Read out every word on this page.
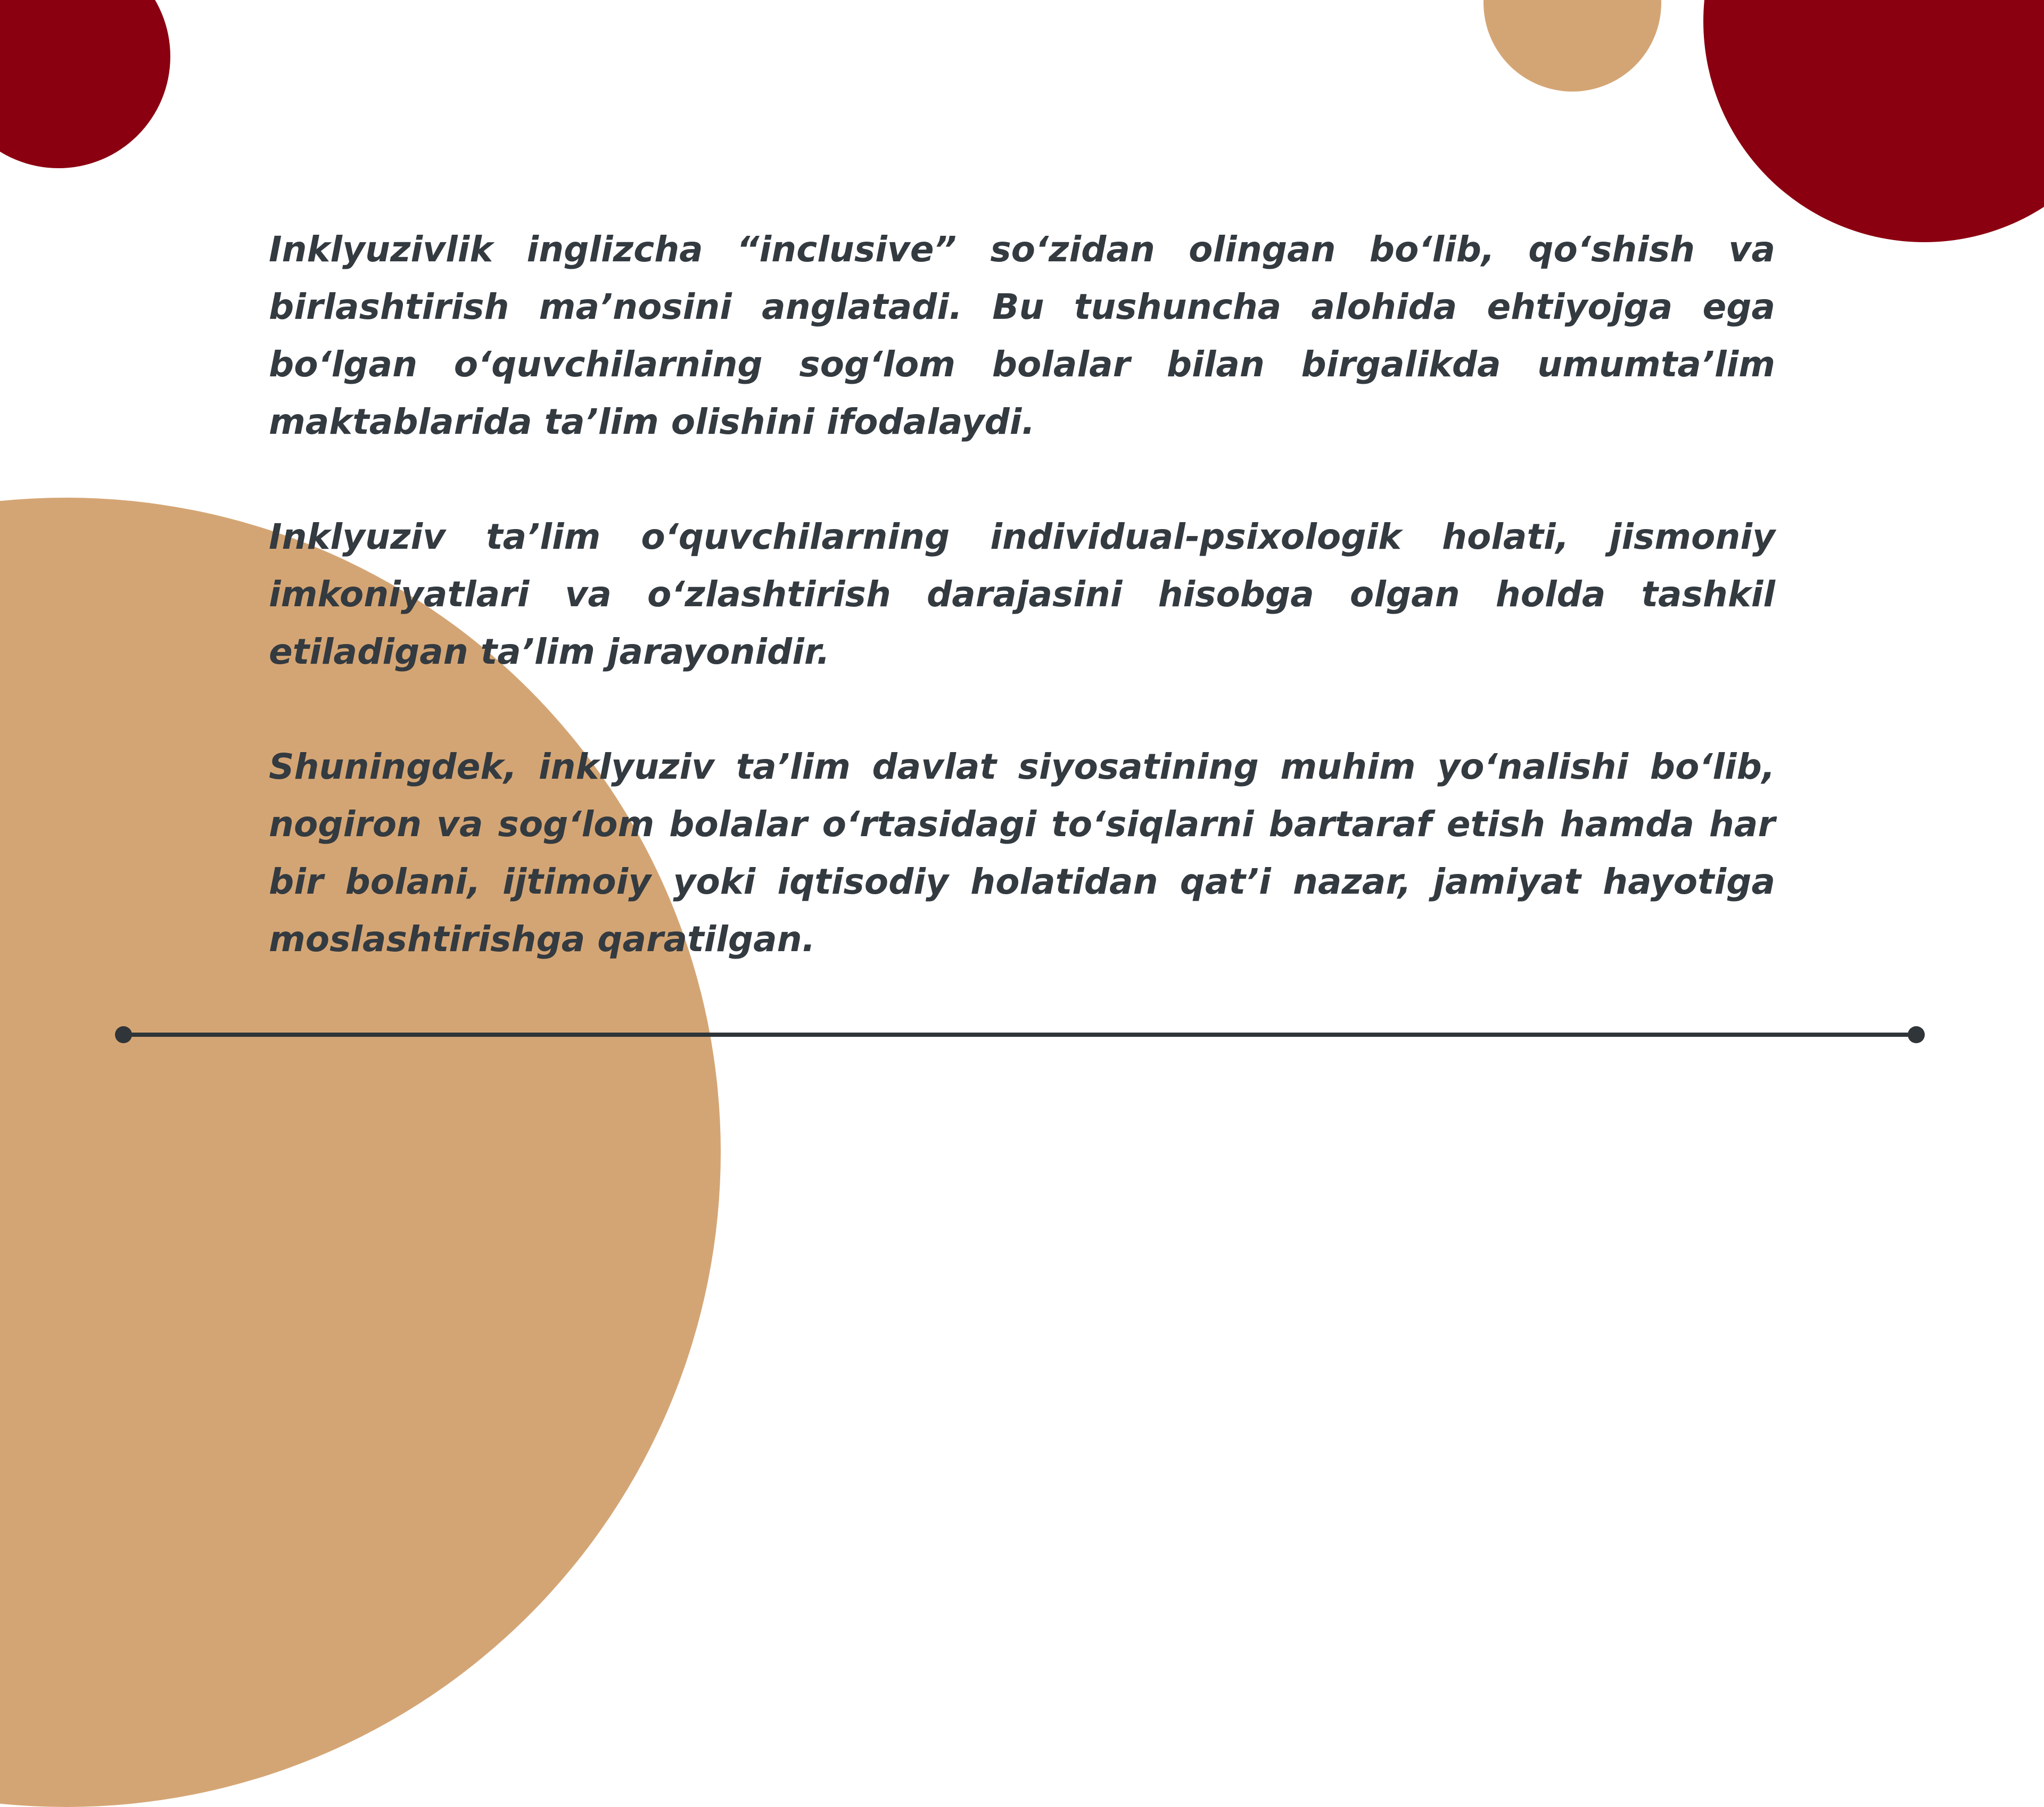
Inklyuzivlik inglizcha “inclusive” so‘zidan olingan bo‘lib, qo‘shish va birlashtirish ma’nosini anglatadi. Bu tushuncha alohida ehtiyojga ega bo‘lgan o‘quvchilarning sog‘lom bolalar bilan birgalikda umumta’lim maktablarida ta’lim olishini ifodalaydi.

Inklyuziv ta’lim o‘quvchilarning individual-psixologik holati, jismoniy imkoniyatlari va o‘zlashtirish darajasini hisobga olgan holda tashkil etiladigan ta’lim jarayonidir.

Shuningdek, inklyuziv ta’lim davlat siyosatining muhim yo‘nalishi bo‘lib, nogiron va sog‘lom bolalar o‘rtasidagi to‘siqlarni bartaraf etish hamda har bir bolani, ijtimoiy yoki iqtisodiy holatidan qat’i nazar, jamiyat hayotiga moslashtirishga qaratilgan.
